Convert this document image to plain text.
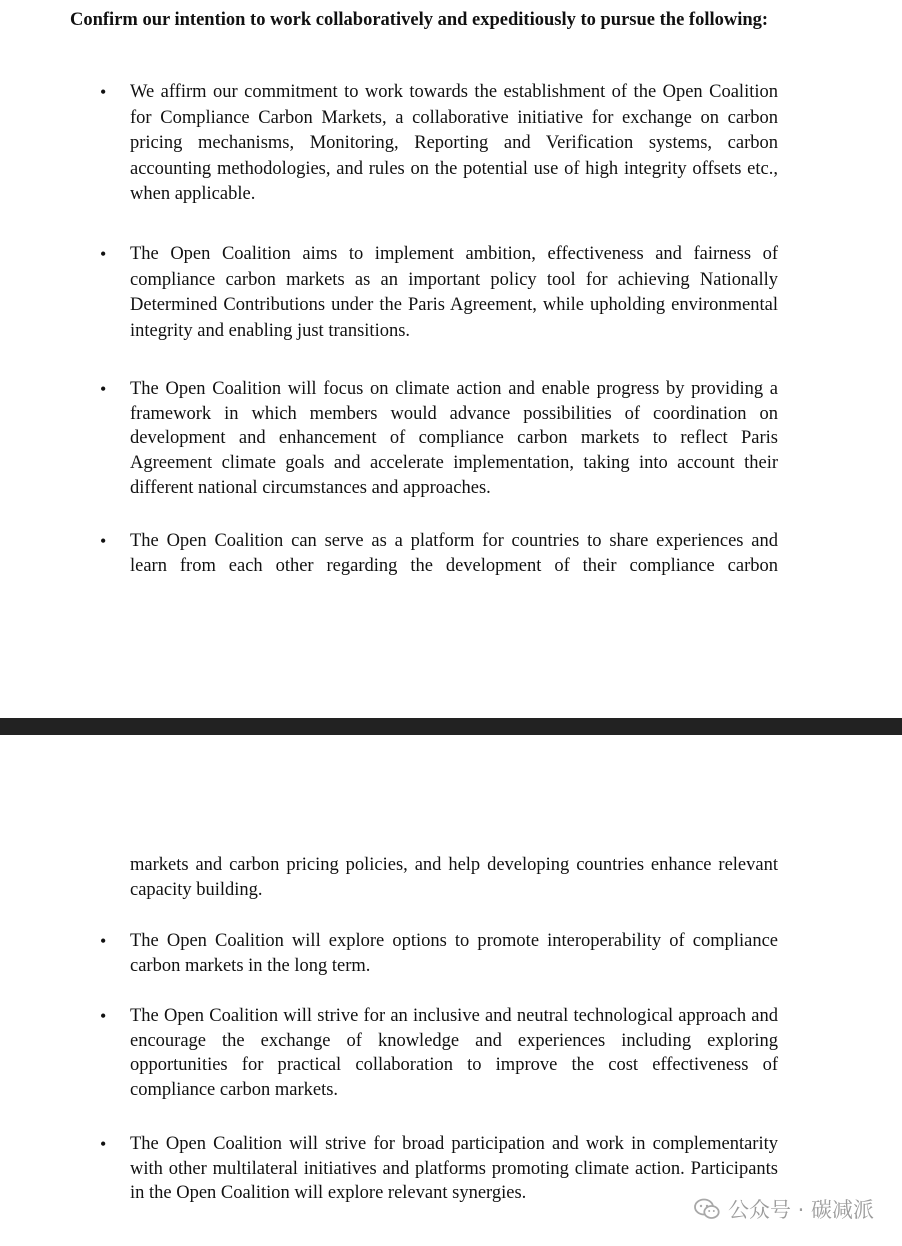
Confirm our intention to work collaboratively and expeditiously to pursue the following:

• We affirm our commitment to work towards the establishment of the Open Coalition for Compliance Carbon Markets, a collaborative initiative for exchange on carbon pricing mechanisms, Monitoring, Reporting and Verification systems, carbon accounting methodologies, and rules on the potential use of high integrity offsets etc., when applicable.

• The Open Coalition aims to implement ambition, effectiveness and fairness of compliance carbon markets as an important policy tool for achieving Nationally Determined Contributions under the Paris Agreement, while upholding environmental integrity and enabling just transitions.

• The Open Coalition will focus on climate action and enable progress by providing a framework in which members would advance possibilities of coordination on development and enhancement of compliance carbon markets to reflect Paris Agreement climate goals and accelerate implementation, taking into account their different national circumstances and approaches.

• The Open Coalition can serve as a platform for countries to share experiences and learn from each other regarding the development of their compliance carbon

markets and carbon pricing policies, and help developing countries enhance relevant capacity building.

• The Open Coalition will explore options to promote interoperability of compliance carbon markets in the long term.

• The Open Coalition will strive for an inclusive and neutral technological approach and encourage the exchange of knowledge and experiences including exploring opportunities for practical collaboration to improve the cost effectiveness of compliance carbon markets.

• The Open Coalition will strive for broad participation and work in complementarity with other multilateral initiatives and platforms promoting climate action. Participants in the Open Coalition will explore relevant synergies.

公众号 · 碳减派
